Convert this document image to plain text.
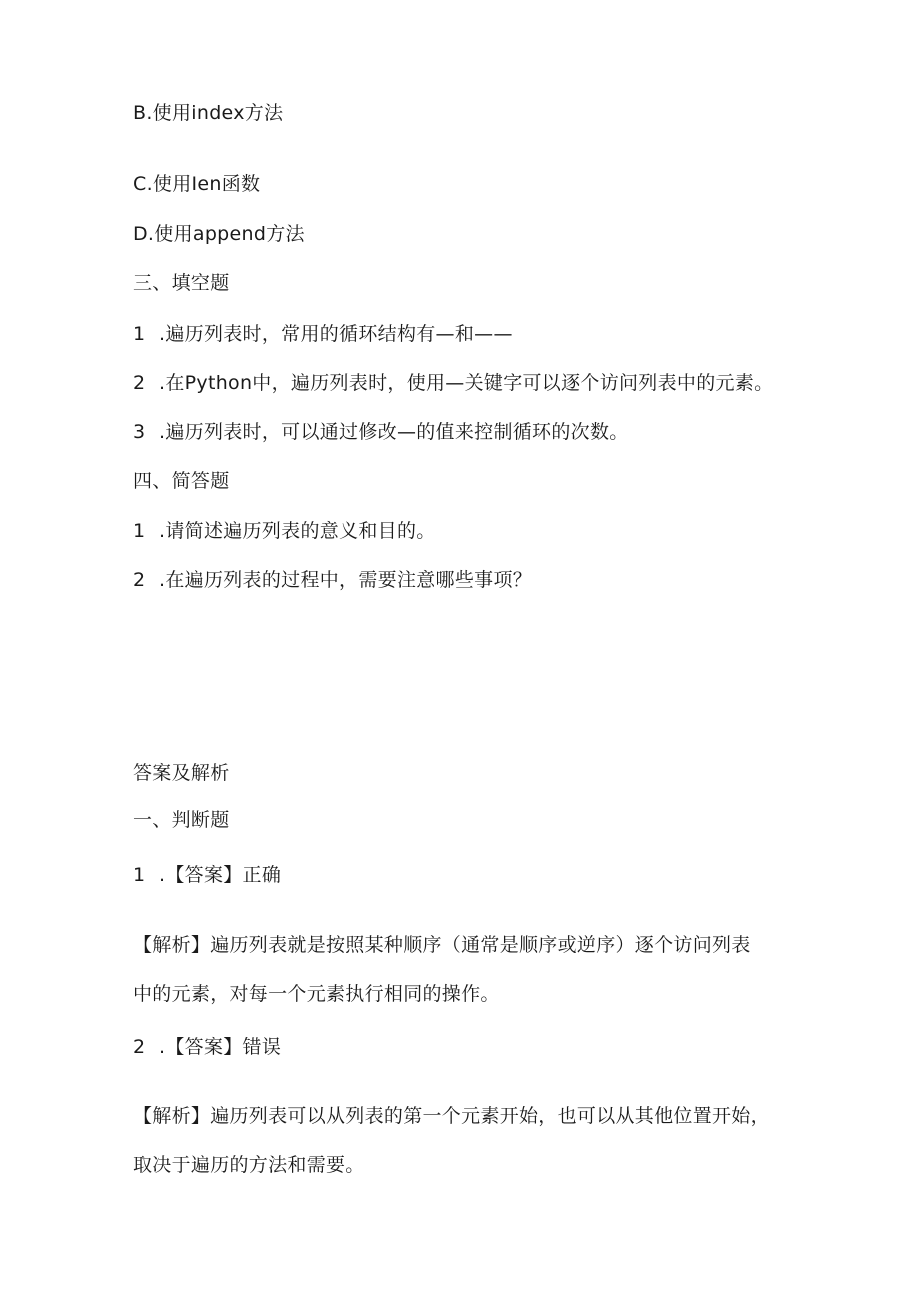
B.使用index方法
C.使用Ien函数
D.使用append方法
三、填空题
1 .遍历列表时，常用的循环结构有—和——
2 .在Python中，遍历列表时，使用—关键字可以逐个访问列表中的元素。
3 .遍历列表时，可以通过修改—的值来控制循环的次数。
四、简答题
1 .请简述遍历列表的意义和目的。
2 .在遍历列表的过程中，需要注意哪些事项？
答案及解析
一、判断题
1 .【答案】正确
【解析】遍历列表就是按照某种顺序（通常是顺序或逆序）逐个访问列表
中的元素，对每一个元素执行相同的操作。
2 .【答案】错误
【解析】遍历列表可以从列表的第一个元素开始，也可以从其他位置开始，
取决于遍历的方法和需要。
